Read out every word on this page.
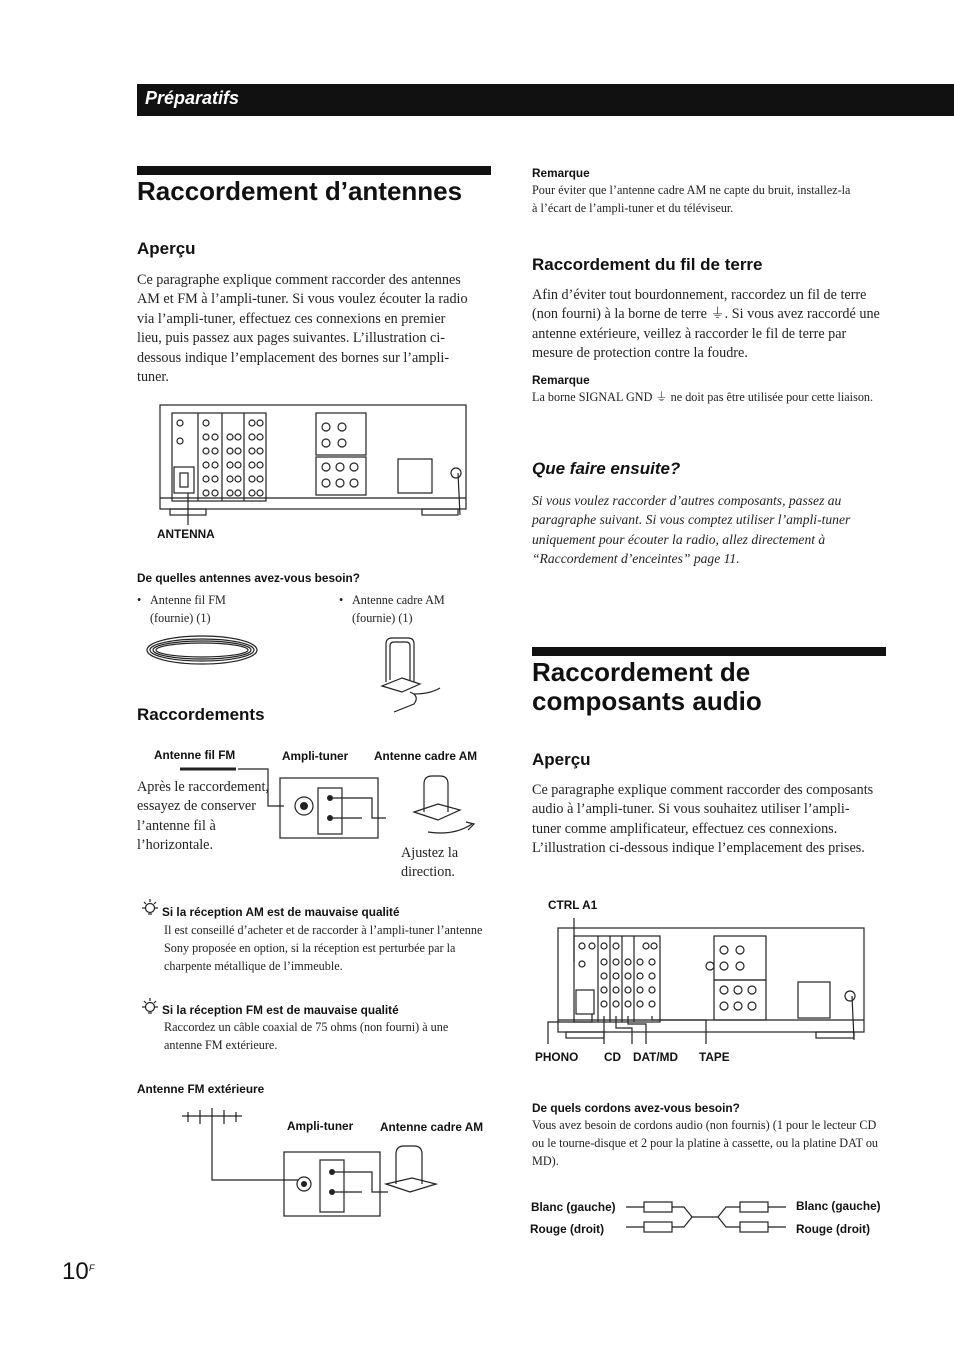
Préparatifs
Raccordement d’antennes
Aperçu
Ce paragraphe explique comment raccorder des antennes AM et FM à l’ampli-tuner. Si vous voulez écouter la radio via l’ampli-tuner, effectuez ces connexions en premier lieu, puis passez aux pages suivantes. L’illustration ci-dessous indique l’emplacement des bornes sur l’ampli-tuner.
ANTENNA
De quelles antennes avez-vous besoin?
• Antenne fil FM
(fournie) (1)
• Antenne cadre AM
(fournie) (1)
Raccordements
Antenne fil FM	Ampli-tuner Antenne cadre AM
Après le raccordement, essayez de conserver l’antenne fil à l’horizontale.	Ajustez la direction.
Si la réception AM est de mauvaise qualité
Il est conseillé d’acheter et de raccorder à l’ampli-tuner l’antenne Sony proposée en option, si la réception est perturbée par la charpente métallique de l’immeuble.
Si la réception FM est de mauvaise qualité
Raccordez un câble coaxial de 75 ohms (non fourni) à une antenne FM extérieure.
Antenne FM extérieure
Ampli-tuner Antenne cadre AM
Remarque
Pour éviter que l’antenne cadre AM ne capte du bruit, installez-la à l’écart de l’ampli-tuner et du téléviseur.
Raccordement du fil de terre
Afin d’éviter tout bourdonnement, raccordez un fil de terre (non fourni) à la borne de terre ⏚. Si vous avez raccordé une antenne extérieure, veillez à raccorder le fil de terre par mesure de protection contre la foudre.
Remarque
La borne SIGNAL GND ⏚ ne doit pas être utilisée pour cette liaison.
Que faire ensuite?
Si vous voulez raccorder d’autres composants, passez au paragraphe suivant. Si vous comptez utiliser l’ampli-tuner uniquement pour écouter la radio, allez directement à “Raccordement d’enceintes” page 11.
Raccordement de composants audio
Aperçu
Ce paragraphe explique comment raccorder des composants audio à l’ampli-tuner. Si vous souhaitez utiliser l’ampli-tuner comme amplificateur, effectuez ces connexions. L’illustration ci-dessous indique l’emplacement des prises.
CTRL A1
PHONO CD DAT/MD TAPE
De quels cordons avez-vous besoin?
Vous avez besoin de cordons audio (non fournis) (1 pour le lecteur CD ou le tourne-disque et 2 pour la platine à cassette, ou la platine DAT ou MD).
Blanc (gauche)
Rouge (droit)
Blanc (gauche)
Rouge (droit)
10 F
